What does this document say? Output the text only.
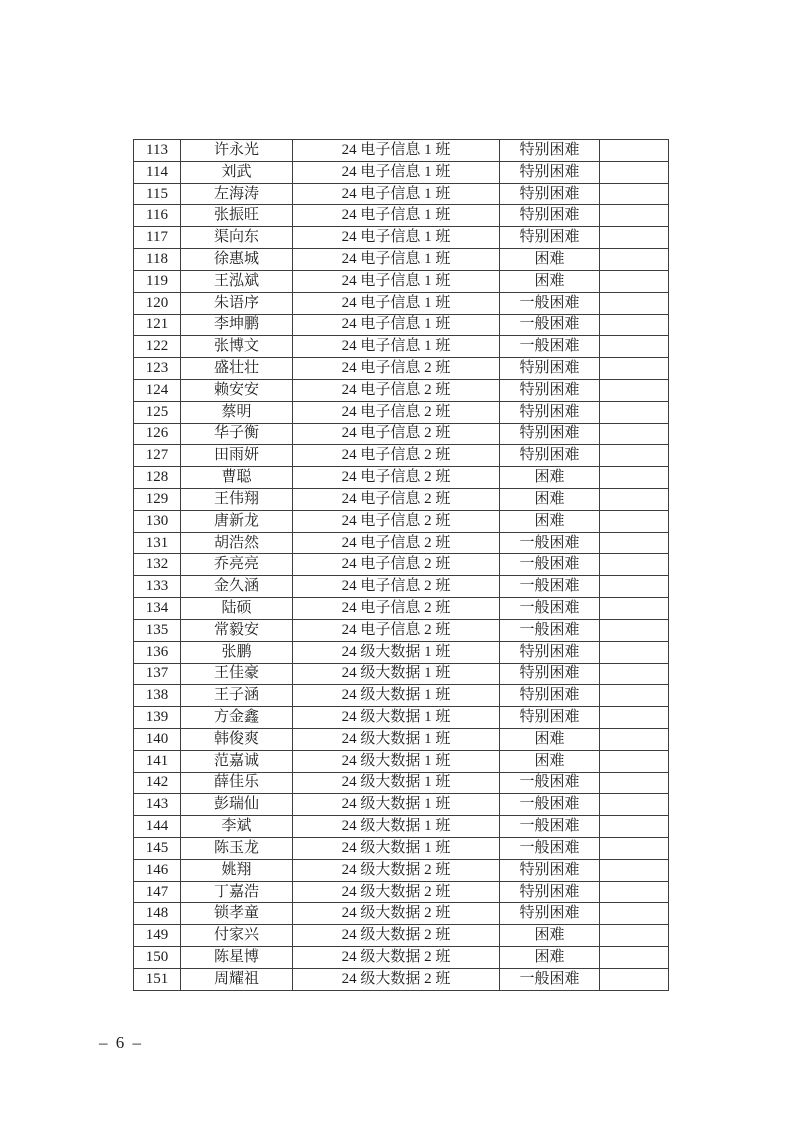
113	许永光	24 电子信息 1 班	特别困难	
114	刘武	24 电子信息 1 班	特别困难	
115	左海涛	24 电子信息 1 班	特别困难	
116	张振旺	24 电子信息 1 班	特别困难	
117	渠向东	24 电子信息 1 班	特别困难	
118	徐惠城	24 电子信息 1 班	困难	
119	王泓斌	24 电子信息 1 班	困难	
120	朱语序	24 电子信息 1 班	一般困难	
121	李坤鹏	24 电子信息 1 班	一般困难	
122	张博文	24 电子信息 1 班	一般困难	
123	盛壮壮	24 电子信息 2 班	特别困难	
124	赖安安	24 电子信息 2 班	特别困难	
125	蔡明	24 电子信息 2 班	特别困难	
126	华子衡	24 电子信息 2 班	特别困难	
127	田雨妍	24 电子信息 2 班	特别困难	
128	曹聪	24 电子信息 2 班	困难	
129	王伟翔	24 电子信息 2 班	困难	
130	唐新龙	24 电子信息 2 班	困难	
131	胡浩然	24 电子信息 2 班	一般困难	
132	乔亮亮	24 电子信息 2 班	一般困难	
133	金久涵	24 电子信息 2 班	一般困难	
134	陆硕	24 电子信息 2 班	一般困难	
135	常毅安	24 电子信息 2 班	一般困难	
136	张鹏	24 级大数据 1 班	特别困难	
137	王佳豪	24 级大数据 1 班	特别困难	
138	王子涵	24 级大数据 1 班	特别困难	
139	方金鑫	24 级大数据 1 班	特别困难	
140	韩俊爽	24 级大数据 1 班	困难	
141	范嘉诚	24 级大数据 1 班	困难	
142	薛佳乐	24 级大数据 1 班	一般困难	
143	彭瑞仙	24 级大数据 1 班	一般困难	
144	李斌	24 级大数据 1 班	一般困难	
145	陈玉龙	24 级大数据 1 班	一般困难	
146	姚翔	24 级大数据 2 班	特别困难	
147	丁嘉浩	24 级大数据 2 班	特别困难	
148	锁孝童	24 级大数据 2 班	特别困难	
149	付家兴	24 级大数据 2 班	困难	
150	陈星博	24 级大数据 2 班	困难	
151	周耀祖	24 级大数据 2 班	一般困难	
– 6 –
